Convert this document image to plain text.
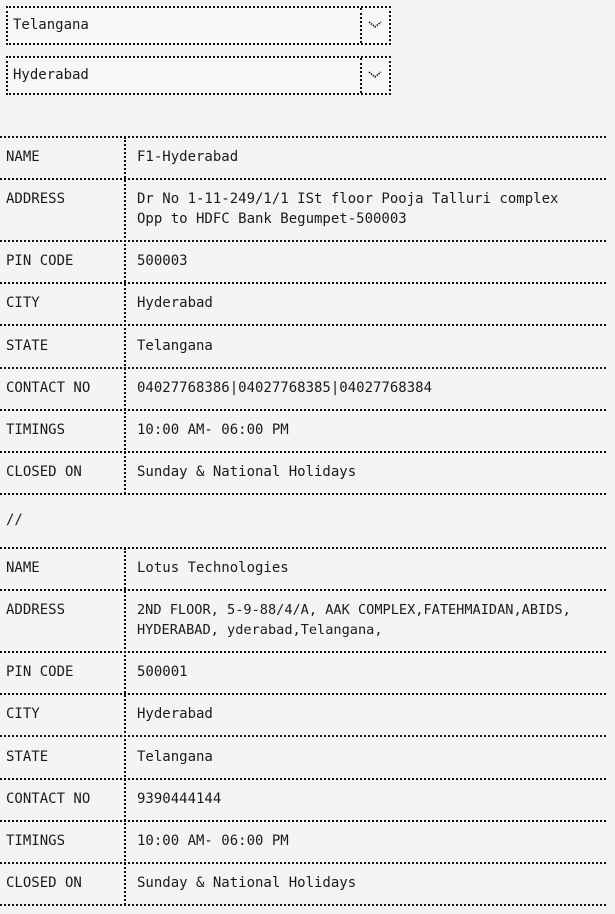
Telangana
Hyderabad
NAME	F1-Hyderabad
ADDRESS	Dr No 1-11-249/1/1 ISt floor Pooja Talluri complex Opp to HDFC Bank Begumpet-500003
PIN CODE	500003
CITY	Hyderabad
STATE	Telangana
CONTACT NO	04027768386|04027768385|04027768384
TIMINGS	10:00 AM- 06:00 PM
CLOSED ON	Sunday & National Holidays
//
NAME	Lotus Technologies
ADDRESS	2ND FLOOR, 5-9-88/4/A, AAK COMPLEX,FATEHMAIDAN,ABIDS, HYDERABAD, yderabad,Telangana,
PIN CODE	500001
CITY	Hyderabad
STATE	Telangana
CONTACT NO	9390444144
TIMINGS	10:00 AM- 06:00 PM
CLOSED ON	Sunday & National Holidays
